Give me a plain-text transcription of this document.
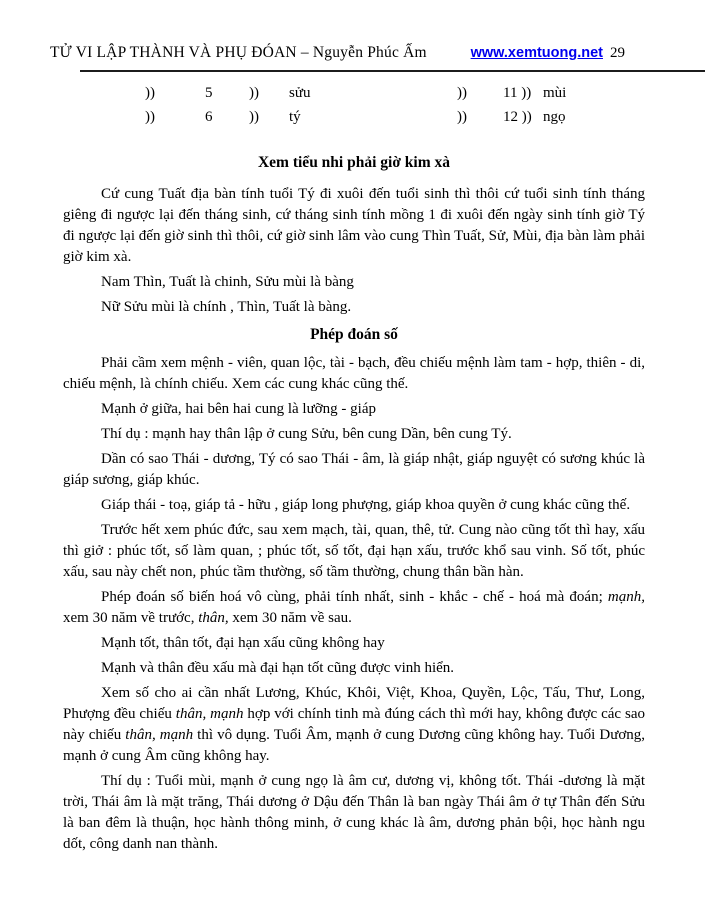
TỬ VI LẬP THÀNH VÀ PHỤ ĐÓAN – Nguyễn Phúc Ấm	www.xemtuong.net 29
))	5	))	sửu	))	11 )) mùi
))	6	))	tý	))	12 )) ngọ

Xem tiểu nhi phải giờ kim xà

Cứ cung Tuất địa bàn tính tuổi Tý đi xuôi đến tuổi sinh thì thôi cứ tuổi sinh tính tháng giêng đi ngược lại đến tháng sinh, cứ tháng sinh tính mồng 1 đi xuôi đến ngày sinh tính giờ Tý đi ngược lại đến giờ sinh thì thôi, cứ giờ sinh lâm vào cung Thìn Tuất, Sử, Mùi, địa bàn làm phải giờ kim xà.

Nam Thìn, Tuất là chinh, Sửu mùi là bàng

Nữ Sửu mùi là chính , Thìn, Tuất là bàng.

Phép đoán số

Phải cầm xem mệnh - viên, quan lộc, tài - bạch, đều chiếu mệnh làm tam - hợp, thiên - di, chiếu mệnh, là chính chiếu. Xem các cung khác cũng thế.

Mạnh ở giữa, hai bên hai cung là lưỡng - giáp

Thí dụ : mạnh hay thân lập ở cung Sửu, bên cung Dần, bên cung Tý.

Dần có sao Thái - dương, Tý có sao Thái - âm, là giáp nhật, giáp nguyệt có sương khúc là giáp sương, giáp khúc.

Giáp thái - toạ, giáp tả - hữu , giáp long phượng, giáp khoa quyền ở cung khác cũng thế.

Trước hết xem phúc đức, sau xem mạch, tài, quan, thê, tử. Cung nào cũng tốt thì hay, xấu thì giở : phúc tốt, số làm quan, ; phúc tốt, số tốt, đại hạn xấu, trước khổ sau vinh. Số tốt, phúc xấu, sau này chết non, phúc tầm thường, số tầm thường, chung thân bần hàn.

Phép đoán số biến hoá vô cùng, phải tính nhất, sinh - khắc - chế - hoá mà đoán; mạnh, xem 30 năm về trước, thân, xem 30 năm về sau.

Mạnh tốt, thân tốt, đại hạn xấu cũng không hay

Mạnh và thân đều xấu mà đại hạn tốt cũng được vinh hiển.

Xem số cho ai cần nhất Lương, Khúc, Khôi, Việt, Khoa, Quyền, Lộc, Tấu, Thư, Long, Phượng đều chiếu thân, mạnh hợp với chính tinh mà đúng cách thì mới hay, không được các sao này chiếu thân, mạnh thì vô dụng. Tuổi Âm, mạnh ở cung Dương cũng không hay. Tuổi Dương, mạnh ở cung Âm cũng không hay.

Thí dụ : Tuổi mùi, mạnh ở cung ngọ là âm cư, dương vị, không tốt. Thái -dương là mặt trời, Thái âm là mặt trăng, Thái dương ở Dậu đến Thân là ban ngày Thái âm ở tự Thân đến Sửu là ban đêm là thuận, học hành thông minh, ở cung khác là âm, dương phản bội, học hành ngu dốt, công danh nan thành.
